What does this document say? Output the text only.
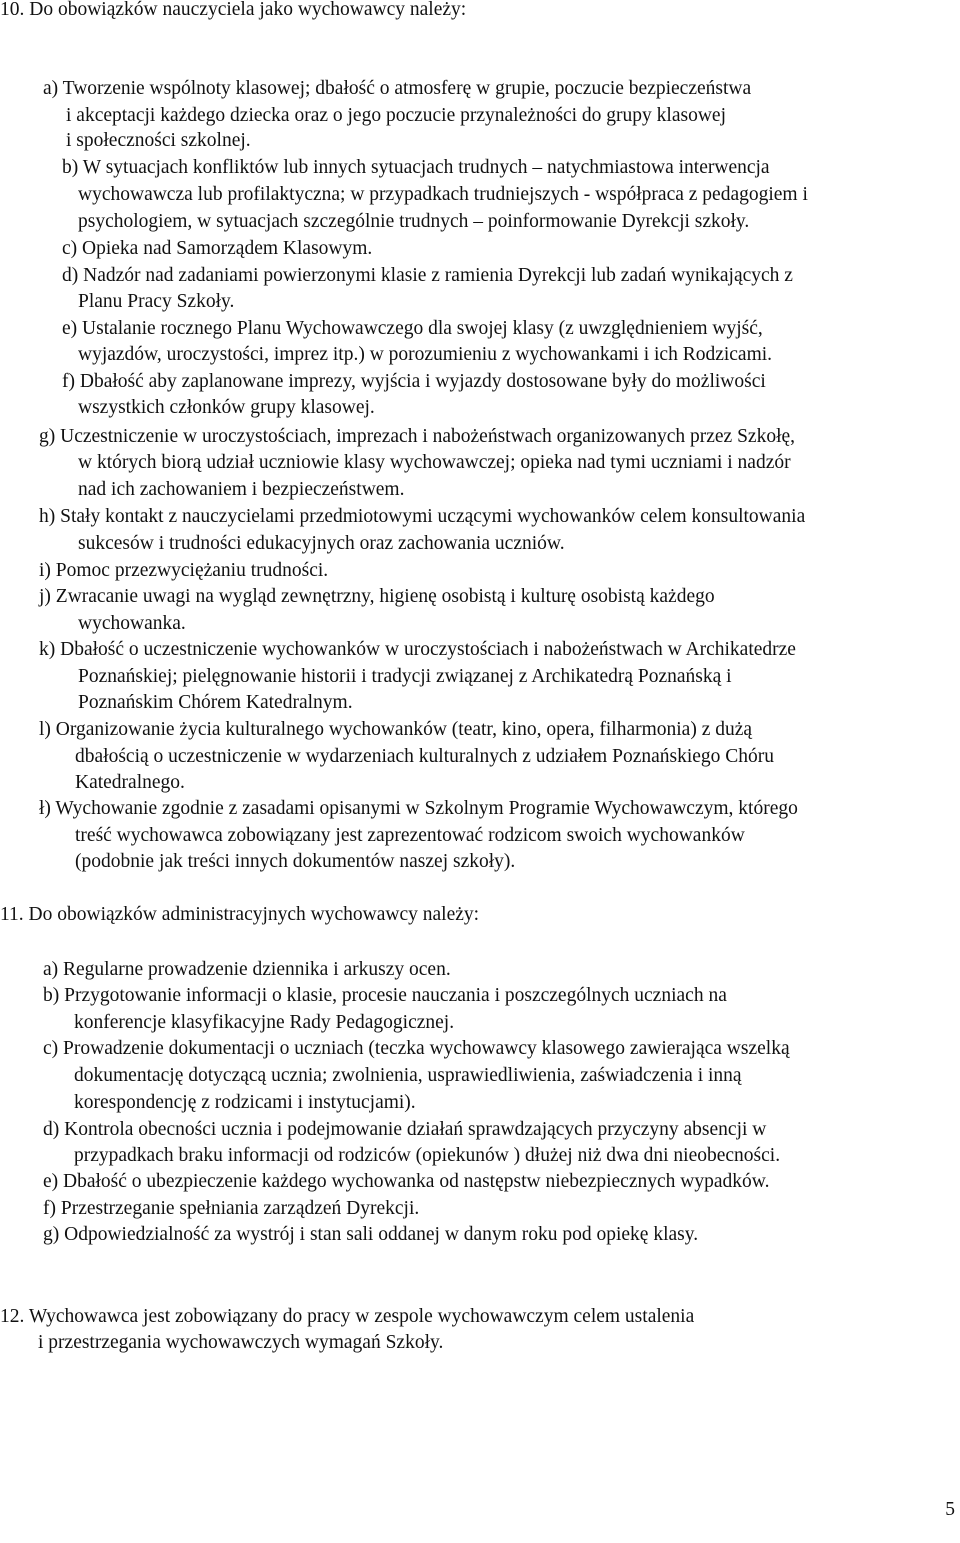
10. Do obowiązków nauczyciela jako wychowawcy należy:
a) Tworzenie wspólnoty klasowej; dbałość o atmosferę w grupie, poczucie bezpieczeństwa
i akceptacji każdego dziecka oraz o jego poczucie przynależności do grupy klasowej
i społeczności szkolnej.
b) W sytuacjach konfliktów lub innych sytuacjach trudnych – natychmiastowa interwencja
wychowawcza lub profilaktyczna; w przypadkach trudniejszych - współpraca z pedagogiem i
psychologiem, w sytuacjach szczególnie trudnych – poinformowanie Dyrekcji szkoły.
c) Opieka nad Samorządem Klasowym.
d) Nadzór nad zadaniami powierzonymi klasie z ramienia Dyrekcji lub zadań wynikających z
Planu Pracy Szkoły.
e) Ustalanie rocznego Planu Wychowawczego dla swojej klasy (z uwzględnieniem wyjść,
wyjazdów, uroczystości, imprez itp.) w porozumieniu z wychowankami i ich Rodzicami.
f) Dbałość aby zaplanowane imprezy, wyjścia i wyjazdy dostosowane były do możliwości
wszystkich członków grupy klasowej.
g) Uczestniczenie w uroczystościach, imprezach i nabożeństwach organizowanych przez Szkołę,
w których biorą udział uczniowie klasy wychowawczej; opieka nad tymi uczniami i nadzór
nad ich zachowaniem i bezpieczeństwem.
h) Stały kontakt z nauczycielami przedmiotowymi uczącymi wychowanków celem konsultowania
sukcesów i trudności edukacyjnych oraz zachowania uczniów.
i) Pomoc przezwyciężaniu trudności.
j) Zwracanie uwagi na wygląd zewnętrzny, higienę osobistą i kulturę osobistą każdego
wychowanka.
k) Dbałość o uczestniczenie wychowanków w uroczystościach i nabożeństwach w Archikatedrze
Poznańskiej; pielęgnowanie historii i tradycji związanej z Archikatedrą Poznańską i
Poznańskim Chórem Katedralnym.
l) Organizowanie życia kulturalnego wychowanków (teatr, kino, opera, filharmonia) z dużą
dbałością o uczestniczenie w wydarzeniach kulturalnych z udziałem Poznańskiego Chóru
Katedralnego.
ł) Wychowanie zgodnie z zasadami opisanymi w Szkolnym Programie Wychowawczym, którego
treść wychowawca zobowiązany jest zaprezentować rodzicom swoich wychowanków
(podobnie jak treści innych dokumentów naszej szkoły).
11. Do obowiązków administracyjnych wychowawcy należy:
a) Regularne prowadzenie dziennika i arkuszy ocen.
b) Przygotowanie informacji o klasie, procesie nauczania i poszczególnych uczniach na
konferencje klasyfikacyjne Rady Pedagogicznej.
c) Prowadzenie dokumentacji o uczniach (teczka wychowawcy klasowego zawierająca wszelką
dokumentację dotyczącą ucznia; zwolnienia, usprawiedliwienia, zaświadczenia i inną
korespondencję z rodzicami i instytucjami).
d) Kontrola obecności ucznia i podejmowanie działań sprawdzających przyczyny absencji w
przypadkach braku informacji od rodziców (opiekunów ) dłużej niż dwa dni nieobecności.
e) Dbałość o ubezpieczenie każdego wychowanka od następstw niebezpiecznych wypadków.
f) Przestrzeganie spełniania zarządzeń Dyrekcji.
g) Odpowiedzialność za wystrój i stan sali oddanej w danym roku pod opiekę klasy.
12. Wychowawca jest zobowiązany do pracy w zespole wychowawczym celem ustalenia
i przestrzegania wychowawczych wymagań Szkoły.
5
